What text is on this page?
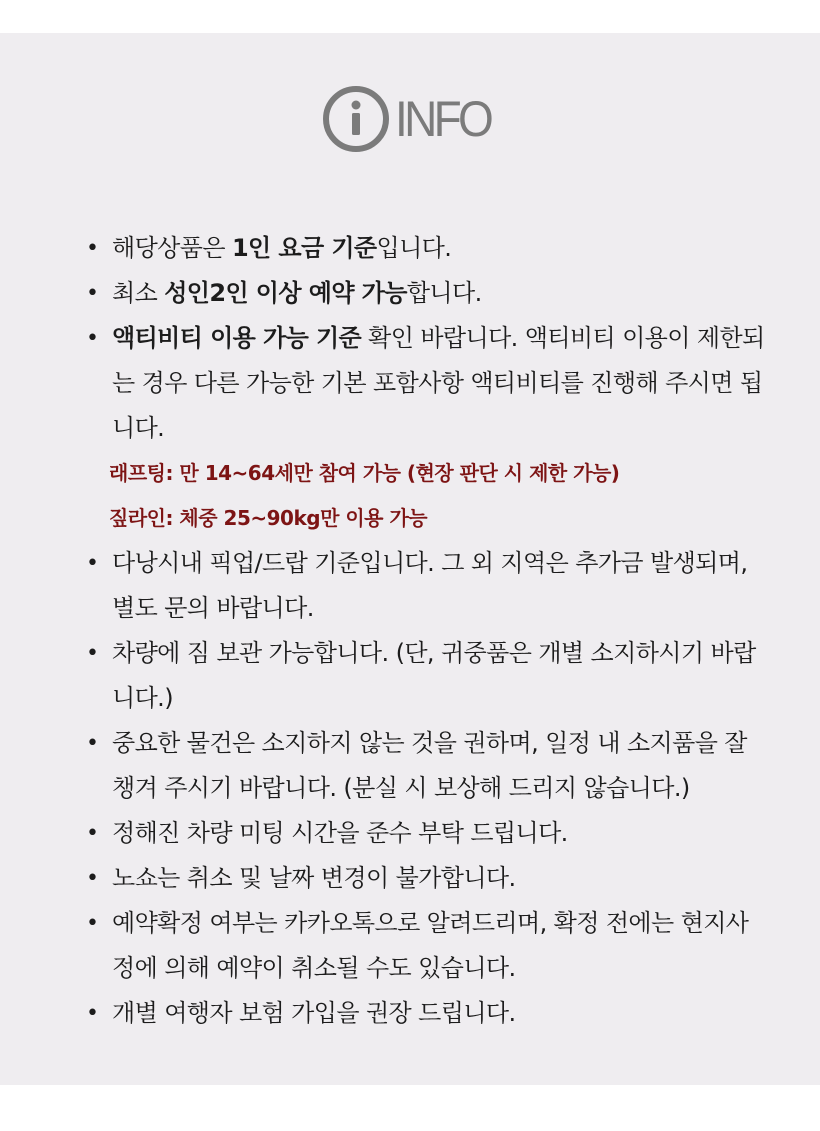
INFO
• 해당상품은 1인 요금 기준입니다.
• 최소 성인2인 이상 예약 가능합니다.
• 액티비티 이용 가능 기준 확인 바랍니다. 액티비티 이용이 제한되는 경우 다른 가능한 기본 포함사항 액티비티를 진행해 주시면 됩니다.
래프팅: 만 14~64세만 참여 가능 (현장 판단 시 제한 가능)
짚라인: 체중 25~90kg만 이용 가능
• 다낭시내 픽업/드랍 기준입니다. 그 외 지역은 추가금 발생되며, 별도 문의 바랍니다.
• 차량에 짐 보관 가능합니다. (단, 귀중품은 개별 소지하시기 바랍니다.)
• 중요한 물건은 소지하지 않는 것을 권하며, 일정 내 소지품을 잘 챙겨 주시기 바랍니다. (분실 시 보상해 드리지 않습니다.)
• 정해진 차량 미팅 시간을 준수 부탁 드립니다.
• 노쇼는 취소 및 날짜 변경이 불가합니다.
• 예약확정 여부는 카카오톡으로 알려드리며, 확정 전에는 현지사정에 의해 예약이 취소될 수도 있습니다.
• 개별 여행자 보험 가입을 권장 드립니다.
